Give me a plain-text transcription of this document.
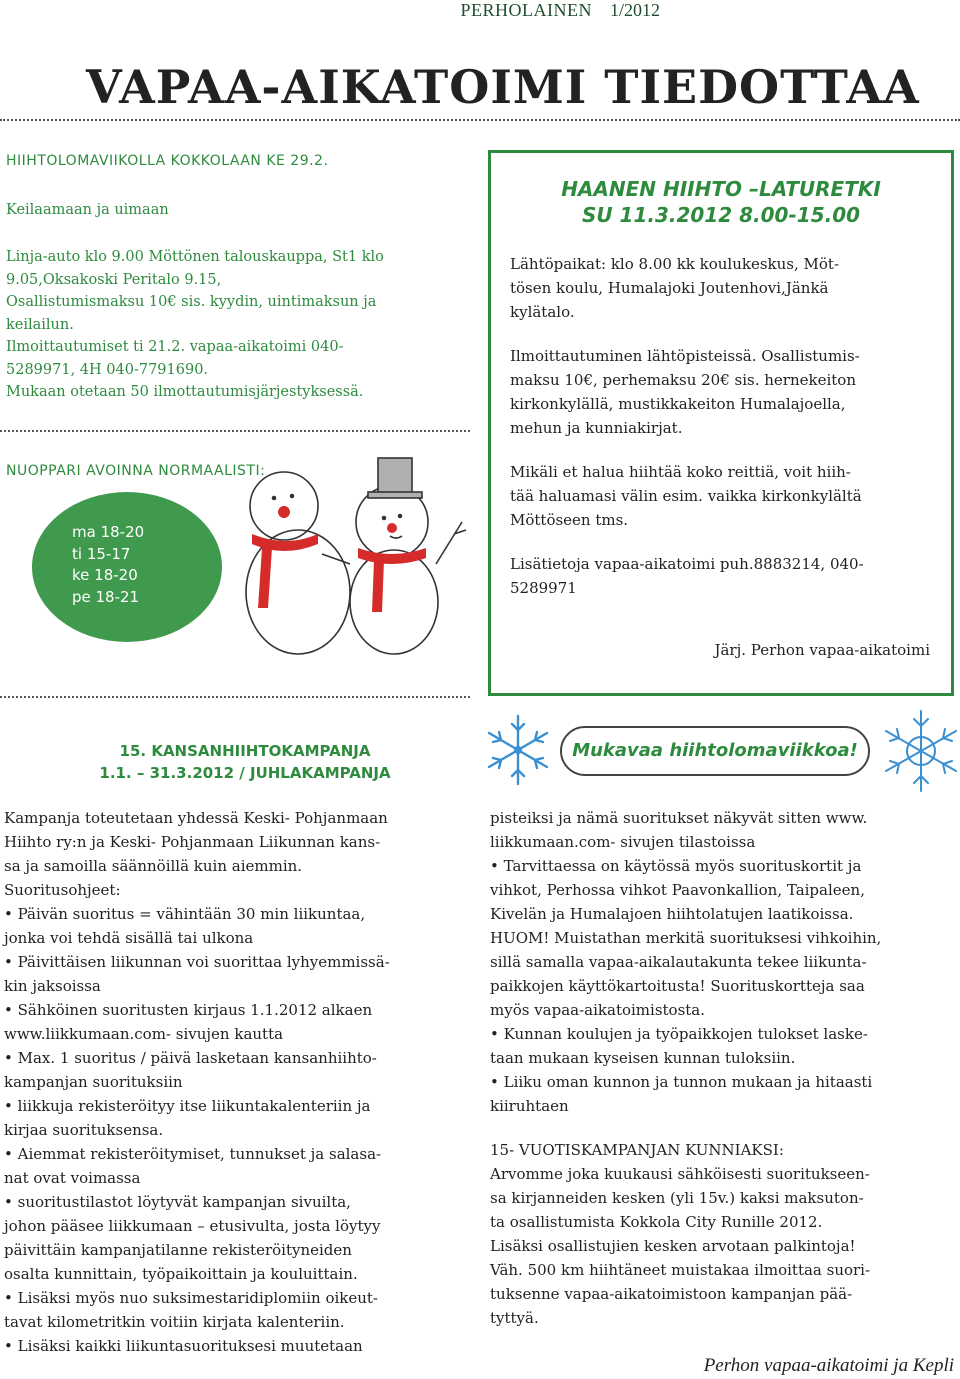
PERHOLAINEN 1/2012
VAPAA-AIKATOIMI TIEDOTTAA
HIIHTOLOMAVIIKOLLA KOKKOLAAN KE 29.2.
Keilaamaan ja uimaan
Linja-auto klo 9.00 Möttönen talouskauppa, St1 klo
9.05,Oksakoski Peritalo 9.15,
Osallistumismaksu 10€ sis. kyydin, uintimaksun ja
keilailun.
Ilmoittautumiset ti 21.2. vapaa-aikatoimi 040-
5289971, 4H 040-7791690.
Mukaan otetaan 50 ilmottautumisjärjestyksessä.
NUOPPARI AVOINNA NORMAALISTI:
ma 18-20
ti 15-17
ke 18-20
pe 18-21
HAANEN HIIHTO –LATURETKI
SU 11.3.2012 8.00-15.00
Lähtöpaikat: klo 8.00 kk koulukeskus, Möt-
tösen koulu, Humalajoki Joutenhovi,Jänkä
kylätalo.
Ilmoittautuminen lähtöpisteissä. Osallistumis-
maksu 10€, perhemaksu 20€ sis. hernekeiton
kirkonkylällä, mustikkakeiton Humalajoella,
mehun ja kunniakirjat.
Mikäli et halua hiihtää koko reittiä, voit hiih-
tää haluamasi välin esim. vaikka kirkonkylältä
Möttöseen tms.
Lisätietoja vapaa-aikatoimi puh.8883214, 040-
5289971
Järj. Perhon vapaa-aikatoimi
15. KANSANHIIHTOKAMPANJA
1.1. – 31.3.2012 / JUHLAKAMPANJA
Mukavaa hiihtolomaviikkoa!
Kampanja toteutetaan yhdessä Keski- Pohjanmaan
Hiihto ry:n ja Keski- Pohjanmaan Liikunnan kans-
sa ja samoilla säännöillä kuin aiemmin.
Suoritusohjeet:
• Päivän suoritus = vähintään 30 min liikuntaa,
jonka voi tehdä sisällä tai ulkona
• Päivittäisen liikunnan voi suorittaa lyhyemmissä-
kin jaksoissa
• Sähköinen suoritusten kirjaus 1.1.2012 alkaen
www.liikkumaan.com- sivujen kautta
• Max. 1 suoritus / päivä lasketaan kansanhiihto-
kampanjan suorituksiin
• liikkuja rekisteröityy itse liikuntakalenteriin ja
kirjaa suorituksensa.
• Aiemmat rekisteröitymiset, tunnukset ja salasa-
nat ovat voimassa
• suoritustilastot löytyvät kampanjan sivuilta,
johon pääsee liikkumaan – etusivulta, josta löytyy
päivittäin kampanjatilanne rekisteröityneiden
osalta kunnittain, työpaikoittain ja kouluittain.
• Lisäksi myös nuo suksimestaridiplomiin oikeut-
tavat kilometritkin voitiin kirjata kalenteriin.
• Lisäksi kaikki liikuntasuorituksesi muutetaan
pisteiksi ja nämä suoritukset näkyvät sitten www.
liikkumaan.com- sivujen tilastoissa
• Tarvittaessa on käytössä myös suorituskortit ja
vihkot, Perhossa vihkot Paavonkallion, Taipaleen,
Kivelän ja Humalajoen hiihtolatujen laatikoissa.
HUOM! Muistathan merkitä suorituksesi vihkoihin,
sillä samalla vapaa-aikalautakunta tekee liikunta-
paikkojen käyttökartoitusta! Suorituskortteja saa
myös vapaa-aikatoimistosta.
• Kunnan koulujen ja työpaikkojen tulokset laske-
taan mukaan kyseisen kunnan tuloksiin.
• Liiku oman kunnon ja tunnon mukaan ja hitaasti
kiiruhtaen
15- VUOTISKAMPANJAN KUNNIAKSI:
Arvomme joka kuukausi sähköisesti suoritukseen-
sa kirjanneiden kesken (yli 15v.) kaksi maksuton-
ta osallistumista Kokkola City Runille 2012.
Lisäksi osallistujien kesken arvotaan palkintoja!
Väh. 500 km hiihtäneet muistakaa ilmoittaa suori-
tuksenne vapaa-aikatoimistoon kampanjan pää-
tyttyä.
Perhon vapaa-aikatoimi ja Kepli
